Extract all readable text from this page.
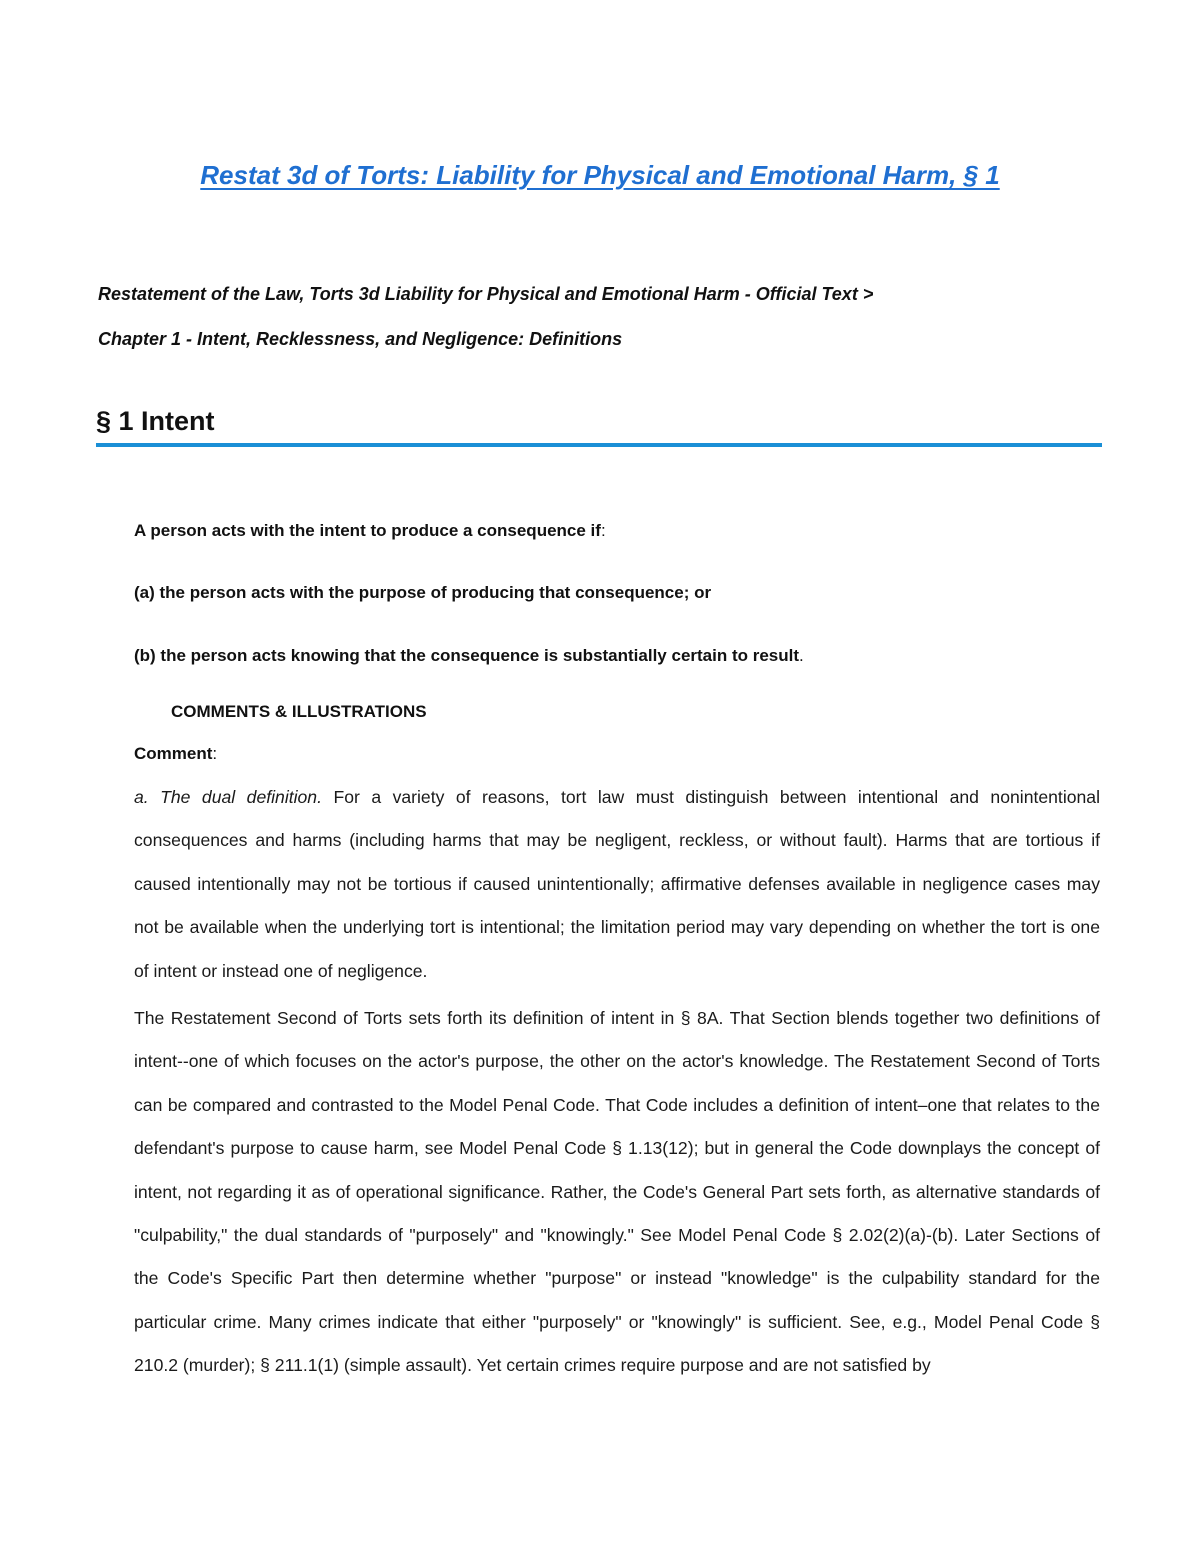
Restat 3d of Torts: Liability for Physical and Emotional Harm, § 1

Restatement of the Law, Torts 3d Liability for Physical and Emotional Harm - Official Text >

Chapter 1 - Intent, Recklessness, and Negligence: Definitions

§ 1 Intent

A person acts with the intent to produce a consequence if:

(a) the person acts with the purpose of producing that consequence; or

(b) the person acts knowing that the consequence is substantially certain to result.

COMMENTS & ILLUSTRATIONS

Comment:

a. The dual definition. For a variety of reasons, tort law must distinguish between intentional and nonintentional consequences and harms (including harms that may be negligent, reckless, or without fault). Harms that are tortious if caused intentionally may not be tortious if caused unintentionally; affirmative defenses available in negligence cases may not be available when the underlying tort is intentional; the limitation period may vary depending on whether the tort is one of intent or instead one of negligence.

The Restatement Second of Torts sets forth its definition of intent in § 8A. That Section blends together two definitions of intent--one of which focuses on the actor's purpose, the other on the actor's knowledge. The Restatement Second of Torts can be compared and contrasted to the Model Penal Code. That Code includes a definition of intent–one that relates to the defendant's purpose to cause harm, see Model Penal Code § 1.13(12); but in general the Code downplays the concept of intent, not regarding it as of operational significance. Rather, the Code's General Part sets forth, as alternative standards of "culpability," the dual standards of "purposely" and "knowingly." See Model Penal Code § 2.02(2)(a)-(b). Later Sections of the Code's Specific Part then determine whether "purpose" or instead "knowledge" is the culpability standard for the particular crime. Many crimes indicate that either "purposely" or "knowingly" is sufficient. See, e.g., Model Penal Code § 210.2 (murder); § 211.1(1) (simple assault). Yet certain crimes require purpose and are not satisfied by
